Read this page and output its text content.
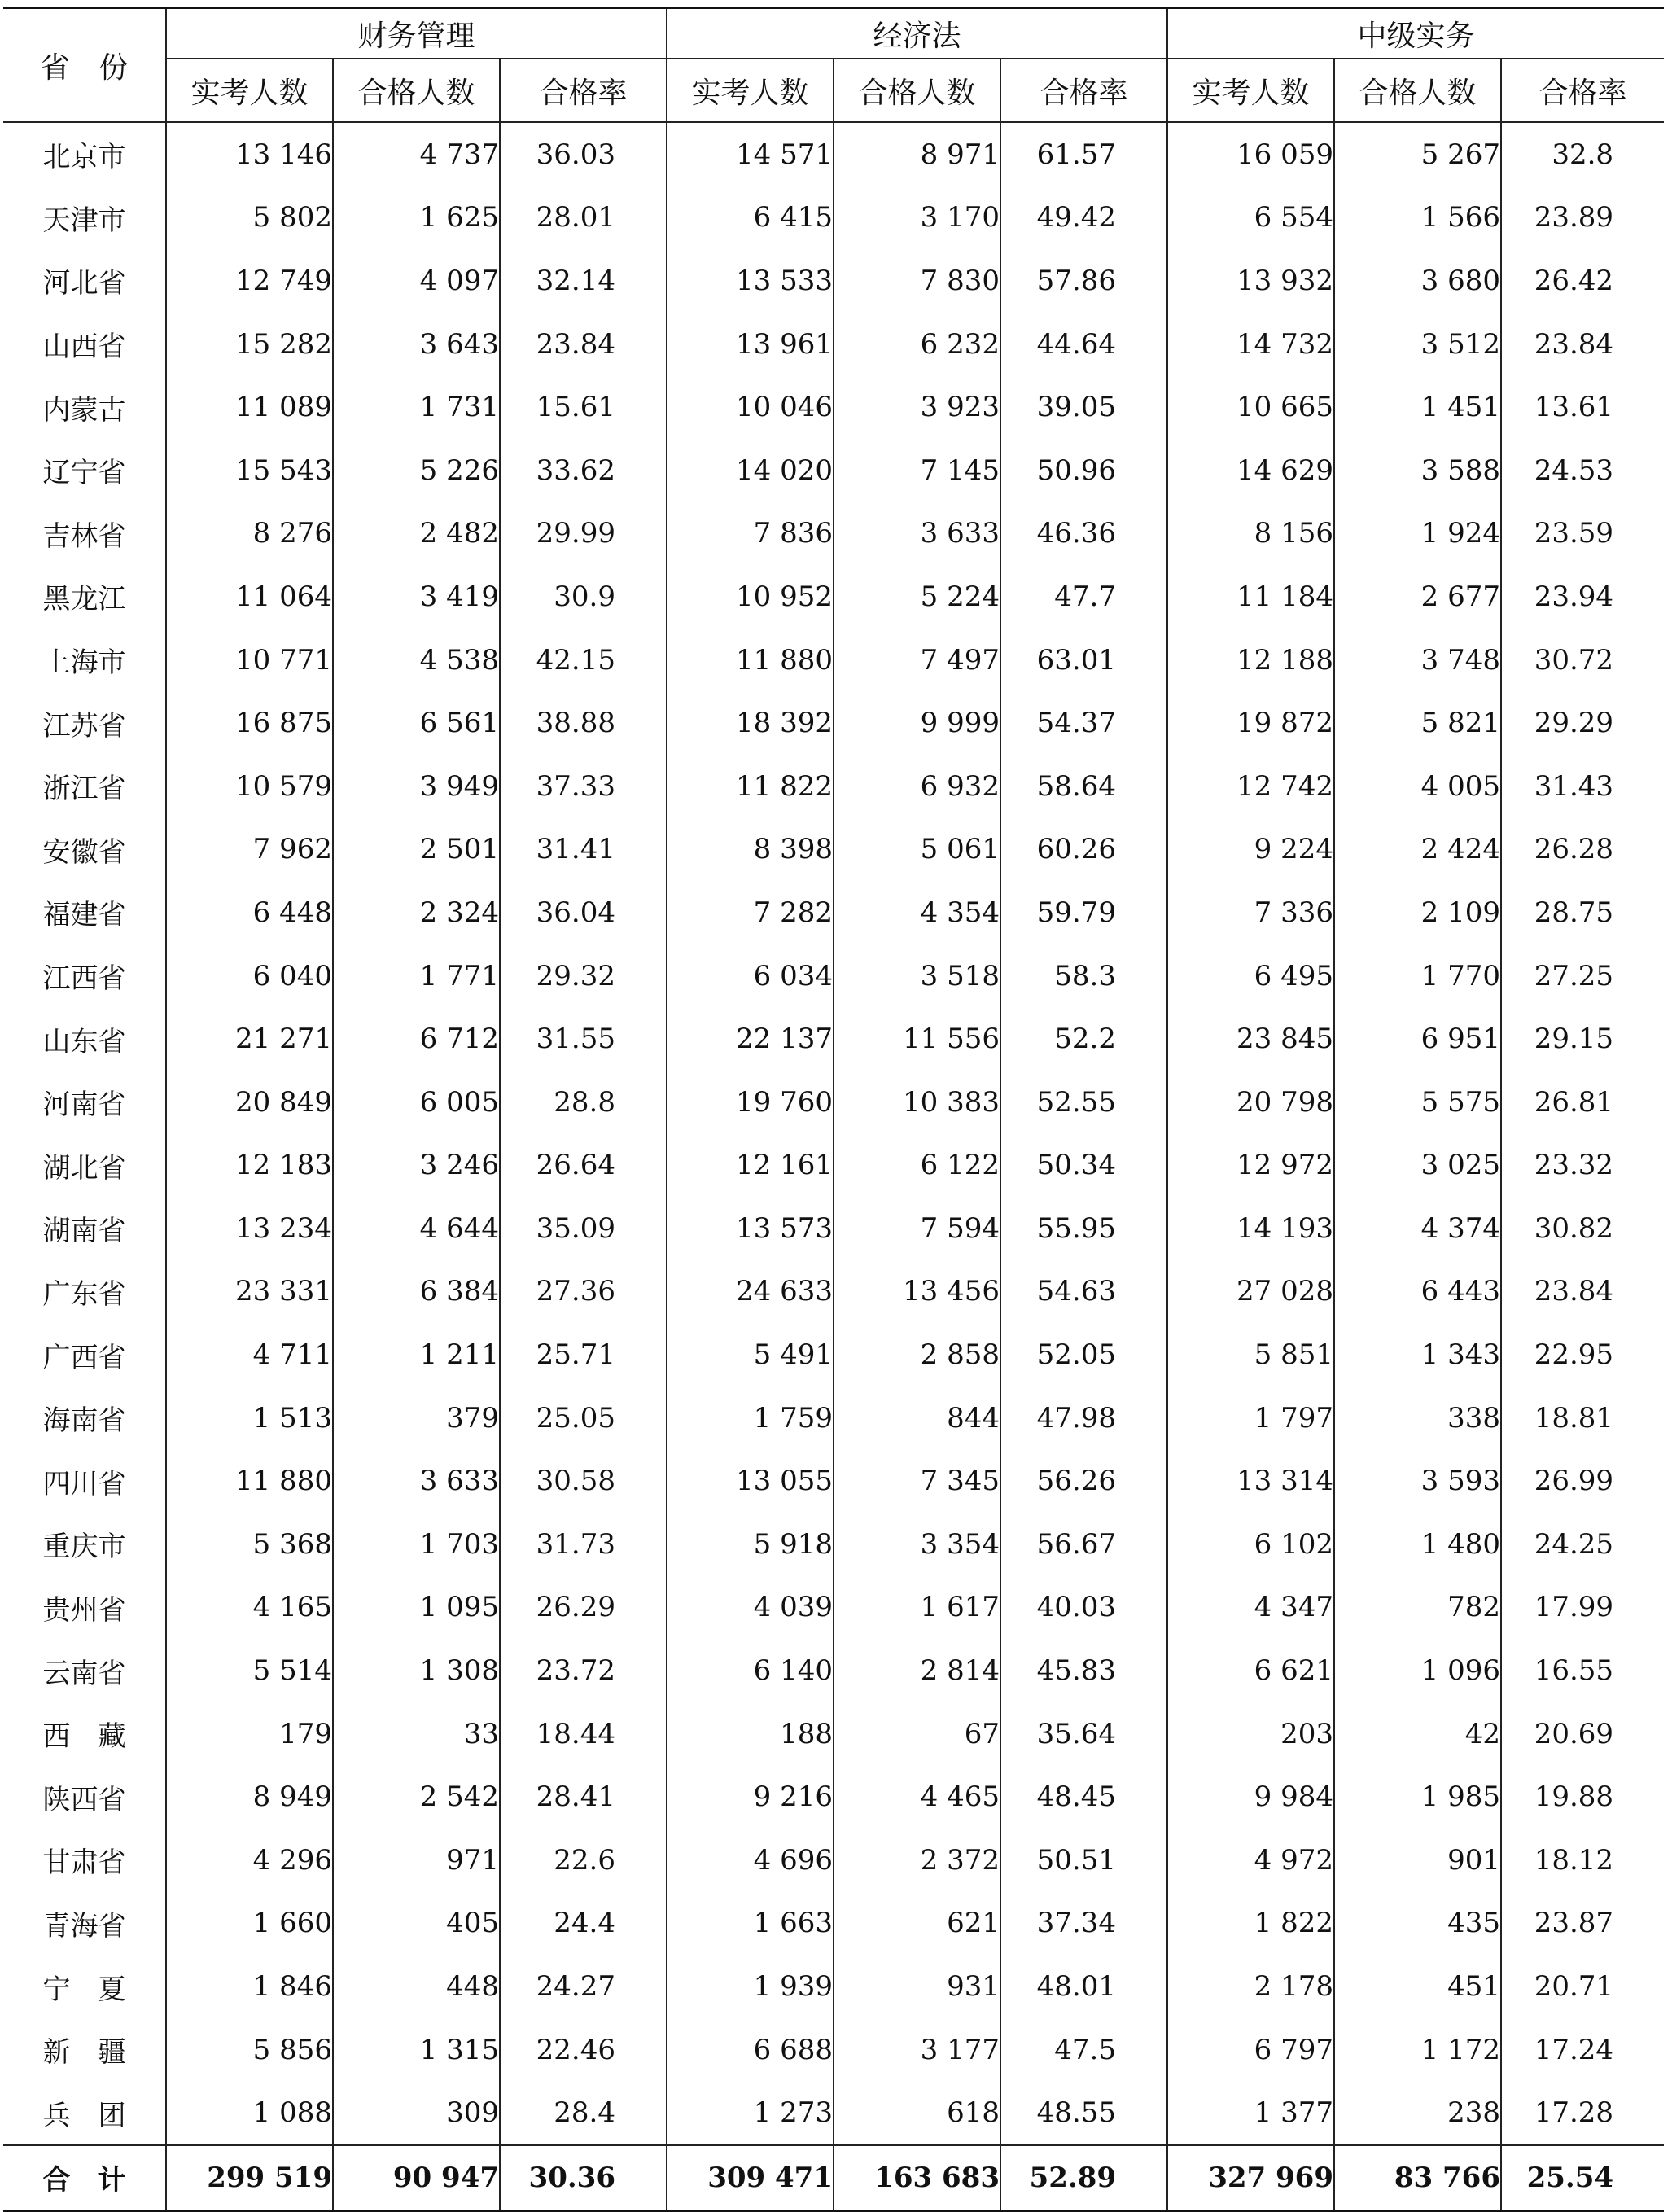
省　份	财务管理			经济法			中级实务		
	实考人数	合格人数	合格率	实考人数	合格人数	合格率	实考人数	合格人数	合格率
北京市	13 146	4 737	36.03	14 571	8 971	61.57	16 059	5 267	32.8
天津市	5 802	1 625	28.01	6 415	3 170	49.42	6 554	1 566	23.89
河北省	12 749	4 097	32.14	13 533	7 830	57.86	13 932	3 680	26.42
山西省	15 282	3 643	23.84	13 961	6 232	44.64	14 732	3 512	23.84
内蒙古	11 089	1 731	15.61	10 046	3 923	39.05	10 665	1 451	13.61
辽宁省	15 543	5 226	33.62	14 020	7 145	50.96	14 629	3 588	24.53
吉林省	8 276	2 482	29.99	7 836	3 633	46.36	8 156	1 924	23.59
黑龙江	11 064	3 419	30.9	10 952	5 224	47.7	11 184	2 677	23.94
上海市	10 771	4 538	42.15	11 880	7 497	63.01	12 188	3 748	30.72
江苏省	16 875	6 561	38.88	18 392	9 999	54.37	19 872	5 821	29.29
浙江省	10 579	3 949	37.33	11 822	6 932	58.64	12 742	4 005	31.43
安徽省	7 962	2 501	31.41	8 398	5 061	60.26	9 224	2 424	26.28
福建省	6 448	2 324	36.04	7 282	4 354	59.79	7 336	2 109	28.75
江西省	6 040	1 771	29.32	6 034	3 518	58.3	6 495	1 770	27.25
山东省	21 271	6 712	31.55	22 137	11 556	52.2	23 845	6 951	29.15
河南省	20 849	6 005	28.8	19 760	10 383	52.55	20 798	5 575	26.81
湖北省	12 183	3 246	26.64	12 161	6 122	50.34	12 972	3 025	23.32
湖南省	13 234	4 644	35.09	13 573	7 594	55.95	14 193	4 374	30.82
广东省	23 331	6 384	27.36	24 633	13 456	54.63	27 028	6 443	23.84
广西省	4 711	1 211	25.71	5 491	2 858	52.05	5 851	1 343	22.95
海南省	1 513	379	25.05	1 759	844	47.98	1 797	338	18.81
四川省	11 880	3 633	30.58	13 055	7 345	56.26	13 314	3 593	26.99
重庆市	5 368	1 703	31.73	5 918	3 354	56.67	6 102	1 480	24.25
贵州省	4 165	1 095	26.29	4 039	1 617	40.03	4 347	782	17.99
云南省	5 514	1 308	23.72	6 140	2 814	45.83	6 621	1 096	16.55
西　藏	179	33	18.44	188	67	35.64	203	42	20.69
陕西省	8 949	2 542	28.41	9 216	4 465	48.45	9 984	1 985	19.88
甘肃省	4 296	971	22.6	4 696	2 372	50.51	4 972	901	18.12
青海省	1 660	405	24.4	1 663	621	37.34	1 822	435	23.87
宁　夏	1 846	448	24.27	1 939	931	48.01	2 178	451	20.71
新　疆	5 856	1 315	22.46	6 688	3 177	47.5	6 797	1 172	17.24
兵　团	1 088	309	28.4	1 273	618	48.55	1 377	238	17.28
合　计	299 519	90 947	30.36	309 471	163 683	52.89	327 969	83 766	25.54
